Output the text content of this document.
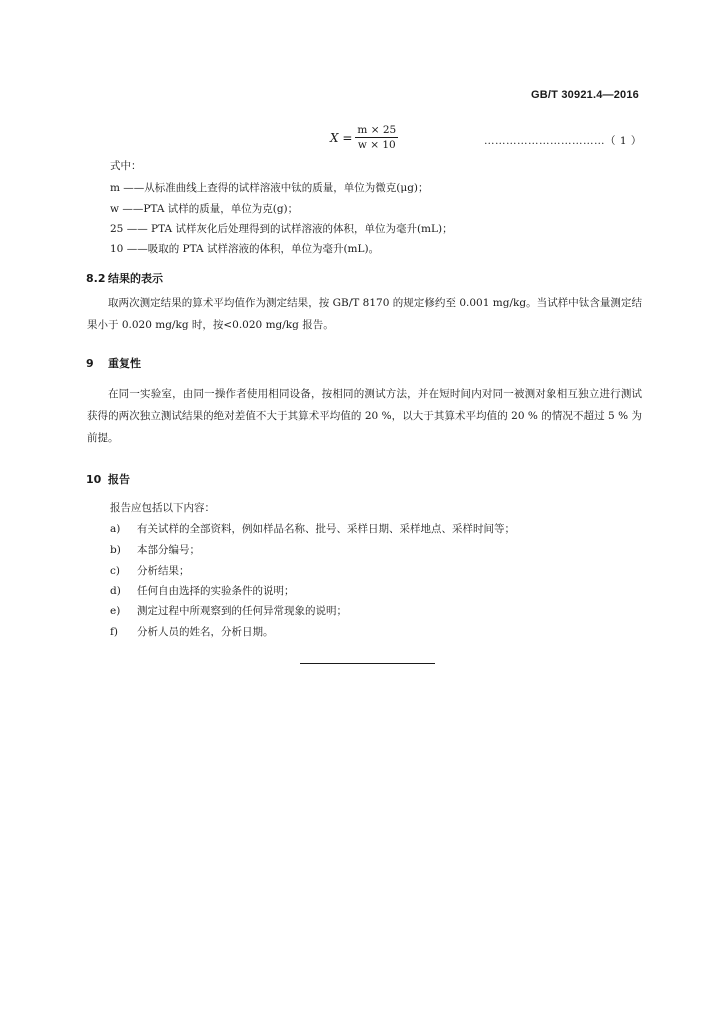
GB/T 30921.4—2016
$X = \frac{m \times 25}{w \times 10}$	……………………………（ 1 ）
式中：
m ——从标准曲线上查得的试样溶液中钛的质量，单位为微克(μg)；
w ——PTA 试样的质量，单位为克(g)；
25 —— PTA 试样灰化后处理得到的试样溶液的体积，单位为毫升(mL)；
10 ——吸取的 PTA 试样溶液的体积，单位为毫升(mL)。
8.2 结果的表示
取两次测定结果的算术平均值作为测定结果，按 GB/T 8170 的规定修约至 0.001 mg/kg。当试样中钛含量测定结果小于 0.020 mg/kg 时，按<0.020 mg/kg 报告。
9 重复性
在同一实验室，由同一操作者使用相同设备，按相同的测试方法，并在短时间内对同一被测对象相互独立进行测试获得的两次独立测试结果的绝对差值不大于其算术平均值的 20 %，以大于其算术平均值的 20 % 的情况不超过 5 % 为前提。
10 报告
报告应包括以下内容：
a) 有关试样的全部资料，例如样品名称、批号、采样日期、采样地点、采样时间等；
b) 本部分编号；
c) 分析结果；
d) 任何自由选择的实验条件的说明；
e) 测定过程中所观察到的任何异常现象的说明；
f) 分析人员的姓名，分析日期。
